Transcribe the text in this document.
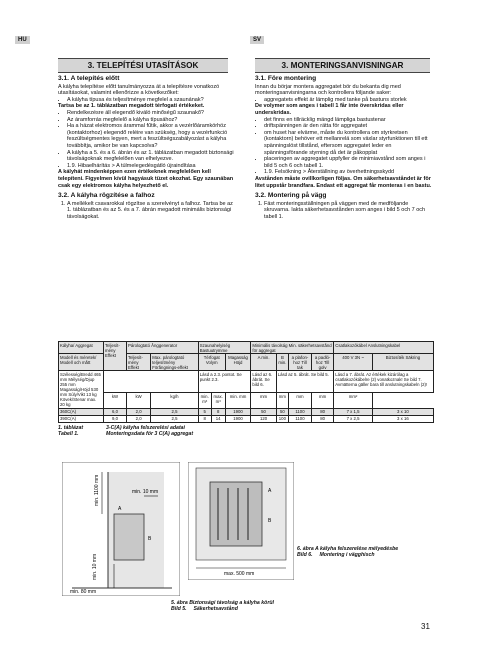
HU	SV
3. TELEPÍTÉSI UTASÍTÁSOK	3. MONTERINGSANVISNINGAR
3.1. A telepítés előtt

A kályha telepítése előtt tanulmányozza át a telepítésre vonatkozó utasításokat, valamint ellenőrizze a következőket:

• A kályha típusa és teljesítménye megfelel a szaunának?

Tartsa be az 1. táblázatban megadott térfogati értékeket.

• Rendelkezésre áll elegendő kiváló minőségű szaunakő?
• Az áramforrás megfelelő a kályha típusához?
• Ha a házat elektromos árammal fűtik, akkor a vezérlőáramkörhöz (kontaktorhoz) elegendő reléire van szükség, hogy a vezérfunkció feszültségmentes legyen, mert a feszültségszabályozást a kályha továbbítja, amikor be van kapcsolva?
• A kályha a 5. és a 6. ábrán és az 1. táblázatban megadott biztonsági távolságoknak megfelelően van elhelyezve.
• 1.9. Hibaelhárítás > A túlmelegedésgátló újraindítása

A kályhát mindenképpen ezen értékeknek megfelelően kell telepíteni. Figyelmen kívül hagyásuk tüzet okozhat. Egy szaunában csak egy elektromos kályha helyezhető el.

3.2. A kályha rögzítése a falhoz
1. A mellékelt csavarokkal rögzítse a szerelvényt a falhoz. Tartsa be az 1. táblázatban és az 5. és a 7. ábrán megadott minimális biztonsági távolságokat.
3.1. Före montering

Innan du börjar montera aggregatet bör du bekanta dig med monteringsanvisningarna och kontrollera följande saker:

• aggregatets effekt är lämplig med tanke på bastuns storlek

De volymer som anges i tabell 1 får inte överskridas eller underskridas.

• det finns en tillräcklig mängd lämpliga bastustenar
• driftspänningen är den rätta för aggregatet
• om huset har elvärme, måste du kontrollera om styrkretsen (kontaktorn) behöver ett mellanrelä som växlar styrfunktionen till ett spänningslöst tillstånd, eftersom aggregatet leder en spänningsförande styrning då det är påkopplat
• placeringen av aggregatet uppfyller de minimiavstånd som anges i bild 5 och 6 och tabell 1.
• 1.9. Felsökning > Återställning av överhettningsskydd

Avstånden måste ovillkorligen följas. Om säkerhetsavståndet är för litet uppstår brandfara. Endast ett aggregat får monteras i en bastu.

3.2. Montering på vägg
1. Fäst monteringsställningen på väggen med de medföljande skruvarna. Iakta säkerhetsavstånden som anges i bild 5 och 7 och tabell 1.
Kályha/ Aggregat	Teljesít-mény Effekt	Párologtató Ånggenerator		Szaunahelyiség Bastuutrymme			Minimális távolság Min. säkerhetsavstånd för aggregat				Csatlakozókábel Anslutningskabel	
Modell és méretek/ Modell och mått		Teljesít-mény Effekt	Max. párologtató teljesítmény Förångnings-effekt	Térfogat Volym		Magasság Höjd	A min.	B min.	a plafon-hoz Till tak	a padló-hoz Till golv	400 V 3N ~	Biztosíték Säkring
Szélesség/Bredd 465 mm Mélység/Djup 255 mm Magasság/Höjd 530 mm Súly/Vikt 13 kg Kövek/Stenar max. 20 kg				Lásd a 2.3. pontot. Se punkt 2.3.			Lásd az 6. ábrát. Se bild 6.	Lásd az 5. ábrát. Se bild 5.			Lásd a 7. ábrát. Az értékek kizárólag a csatlakozókábelre (2) vonatkoznak! Se bild 7. Avmätterna gäller bara till anslutningskabeln (2)!	
	kW	kW	kg/h	min. m³	max. m³	min. mm	mm	mm	mm	mm	mm²	
360C(A)	6,0	2,0	2,5	5	8	1900	50	50	1100	80	7 x 1,5	3 x 10
390C(A)	9,0	2,0	2,5	8	14	1900	120	100	1100	80	7 x 2,5	3 x 16
1. táblázat	3-C(A) kályha felszerelési adatai
Tabell 1.	Monteringsdata för 3 C(A) aggregat
min. 1100 mm	min. 10 mm
min. 10 mm
min. 80 mm
A
B
max. 500 mm
A
B
6. ábra A kályha felszerelése mélyedésbe
Bild 6. Montering i vägghisch
5. ábra Biztonsági távolság a kályha körül
Bild 5. Säkerhetsavstånd
31
